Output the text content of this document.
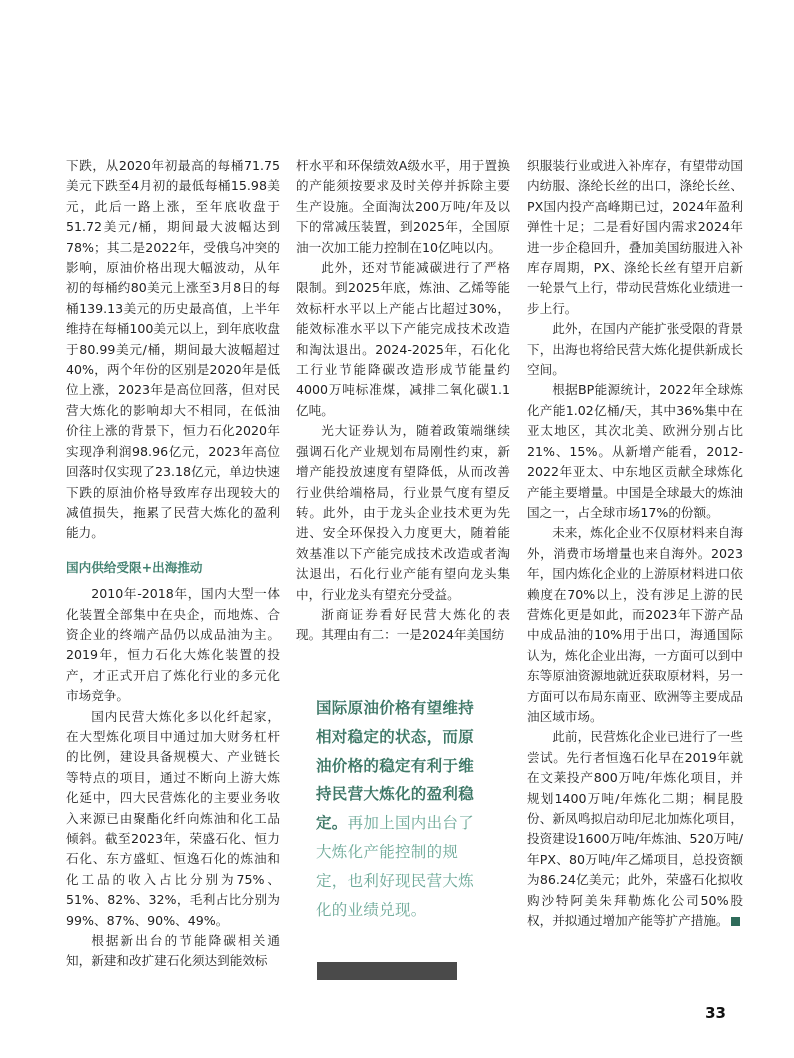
下跌，从2020年初最高的每桶71.75美元下跌至4月初的最低每桶15.98美元，此后一路上涨，至年底收盘于51.72美元/桶，期间最大波幅达到78%；其二是2022年，受俄乌冲突的影响，原油价格出现大幅波动，从年初的每桶约80美元上涨至3月8日的每桶139.13美元的历史最高值，上半年维持在每桶100美元以上，到年底收盘于80.99美元/桶，期间最大波幅超过40%，两个年份的区别是2020年是低位上涨，2023年是高位回落，但对民营大炼化的影响却大不相同，在低油价往上涨的背景下，恒力石化2020年实现净利润98.96亿元，2023年高位回落时仅实现了23.18亿元，单边快速下跌的原油价格导致库存出现较大的减值损失，拖累了民营大炼化的盈利能力。

国内供给受限+出海推动

2010年-2018年，国内大型一体化装置全部集中在央企，而地炼、合资企业的终端产品仍以成品油为主。2019年，恒力石化大炼化装置的投产，才正式开启了炼化行业的多元化市场竞争。

国内民营大炼化多以化纤起家，在大型炼化项目中通过加大财务杠杆的比例，建设具备规模大、产业链长等特点的项目，通过不断向上游大炼化延中，四大民营炼化的主要业务收入来源已由聚酯化纤向炼油和化工品倾斜。截至2023年，荣盛石化、恒力石化、东方盛虹、恒逸石化的炼油和化工品的收入占比分别为75%、51%、82%、32%，毛利占比分别为99%、87%、90%、49%。

根据新出台的节能降碳相关通知，新建和改扩建石化须达到能效标

杆水平和环保绩效A级水平，用于置换的产能须按要求及时关停并拆除主要生产设施。全面淘汰200万吨/年及以下的常减压装置，到2025年，全国原油一次加工能力控制在10亿吨以内。

此外，还对节能减碳进行了严格限制。到2025年底，炼油、乙烯等能效标杆水平以上产能占比超过30%，能效标准水平以下产能完成技术改造和淘汰退出。2024-2025年，石化化工行业节能降碳改造形成节能量约4000万吨标准煤，减排二氧化碳1.1亿吨。

光大证券认为，随着政策端继续强调石化产业规划布局刚性约束，新增产能投放速度有望降低，从而改善行业供给端格局，行业景气度有望反转。此外，由于龙头企业技术更为先进、安全环保投入力度更大，随着能效基准以下产能完成技术改造或者淘汰退出，石化行业产能有望向龙头集中，行业龙头有望充分受益。

浙商证券看好民营大炼化的表现。其理由有二：一是2024年美国纺

国际原油价格有望维持相对稳定的状态，而原油价格的稳定有利于维持民营大炼化的盈利稳定。再加上国内出台了大炼化产能控制的规定，也利好现民营大炼化的业绩兑现。

织服装行业或进入补库存，有望带动国内纺服、涤纶长丝的出口，涤纶长丝、PX国内投产高峰期已过，2024年盈利弹性十足；二是看好国内需求2024年进一步企稳回升，叠加美国纺服进入补库存周期，PX、涤纶长丝有望开启新一轮景气上行，带动民营炼化业绩进一步上行。

此外，在国内产能扩张受限的背景下，出海也将给民营大炼化提供新成长空间。

根据BP能源统计，2022年全球炼化产能1.02亿桶/天，其中36%集中在亚太地区，其次北美、欧洲分别占比21%、15%。从新增产能看，2012-2022年亚太、中东地区贡献全球炼化产能主要增量。中国是全球最大的炼油国之一，占全球市场17%的份额。

未来，炼化企业不仅原材料来自海外，消费市场增量也来自海外。2023年，国内炼化企业的上游原材料进口依赖度在70%以上，没有涉足上游的民营炼化更是如此，而2023年下游产品中成品油的10%用于出口，海通国际认为，炼化企业出海，一方面可以到中东等原油资源地就近获取原材料，另一方面可以布局东南亚、欧洲等主要成品油区域市场。

此前，民营炼化企业已进行了一些尝试。先行者恒逸石化早在2019年就在文莱投产800万吨/年炼化项目，并规划1400万吨/年炼化二期；桐昆股份、新凤鸣拟启动印尼北加炼化项目，投资建设1600万吨/年炼油、520万吨/年PX、80万吨/年乙烯项目，总投资额为86.24亿美元；此外，荣盛石化拟收购沙特阿美朱拜勒炼化公司50%股权，并拟通过增加产能等扩产措施。

33
